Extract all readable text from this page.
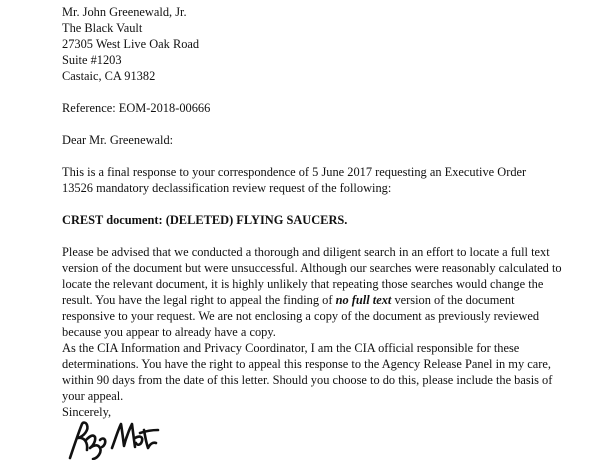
Mr. John Greenewald, Jr.
The Black Vault
27305 West Live Oak Road
Suite #1203
Castaic, CA 91382
Reference: EOM-2018-00666
Dear Mr. Greenewald:
This is a final response to your correspondence of 5 June 2017 requesting an Executive Order
13526 mandatory declassification review request of the following:
CREST document: (DELETED) FLYING SAUCERS.
Please be advised that we conducted a thorough and diligent search in an effort to locate a full text
version of the document but were unsuccessful. Although our searches were reasonably calculated to
locate the relevant document, it is highly unlikely that repeating those searches would change the
result. You have the legal right to appeal the finding of no full text version of the document
responsive to your request. We are not enclosing a copy of the document as previously reviewed
because you appear to already have a copy.
As the CIA Information and Privacy Coordinator, I am the CIA official responsible for these
determinations. You have the right to appeal this response to the Agency Release Panel in my care,
within 90 days from the date of this letter. Should you choose to do this, please include the basis of
your appeal.
Sincerely,
